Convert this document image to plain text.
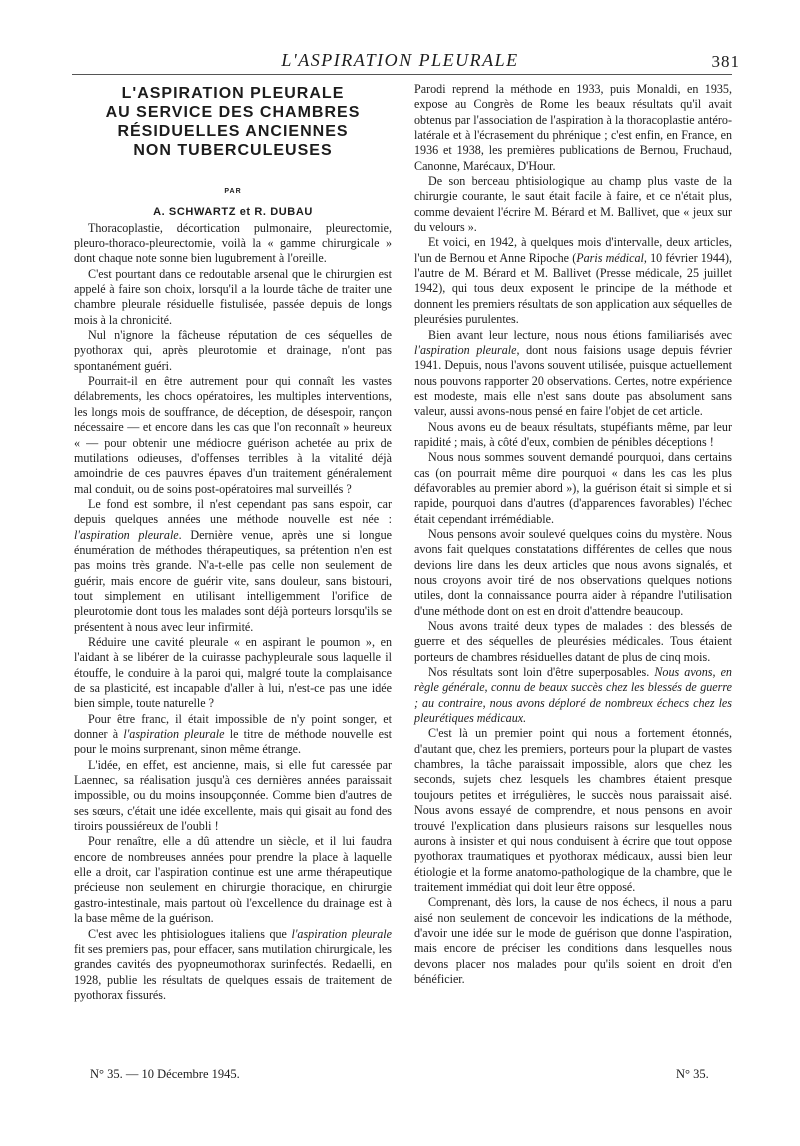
L'ASPIRATION PLEURALE	381
L'ASPIRATION PLEURALE
AU SERVICE DES CHAMBRES
RÉSIDUELLES ANCIENNES
NON TUBERCULEUSES
PAR
A. SCHWARTZ et R. DUBAU

Thoracoplastie, décortication pulmonaire, pleurectomie, pleuro-thoraco-pleurectomie, voilà la « gamme chirurgicale » dont chaque note sonne bien lugubrement à l'oreille.

C'est pourtant dans ce redoutable arsenal que le chirurgien est appelé à faire son choix, lorsqu'il a la lourde tâche de traiter une chambre pleurale résiduelle fistulisée, passée depuis de longs mois à la chronicité.

Nul n'ignore la fâcheuse réputation de ces séquelles de pyothorax qui, après pleurotomie et drainage, n'ont pas spontanément guéri.

Pourrait-il en être autrement pour qui connaît les vastes délabrements, les chocs opératoires, les multiples interventions, les longs mois de souffrance, de déception, de désespoir, rançon nécessaire — et encore dans les cas que l'on reconnaît » heureux « — pour obtenir une médiocre guérison achetée au prix de mutilations odieuses, d'offenses terribles à la vitalité déjà amoindrie de ces pauvres épaves d'un traitement généralement mal conduit, ou de soins post-opératoires mal surveillés ?

Le fond est sombre, il n'est cependant pas sans espoir, car depuis quelques années une méthode nouvelle est née : l'aspiration pleurale. Dernière venue, après une si longue énumération de méthodes thérapeutiques, sa prétention n'en est pas moins très grande. N'a-t-elle pas celle non seulement de guérir, mais encore de guérir vite, sans douleur, sans bistouri, tout simplement en utilisant intelligemment l'orifice de pleurotomie dont tous les malades sont déjà porteurs lorsqu'ils se présentent à nous avec leur infirmité.

Réduire une cavité pleurale « en aspirant le poumon », en l'aidant à se libérer de la cuirasse pachypleurale sous laquelle il étouffe, le conduire à la paroi qui, malgré toute la complaisance de sa plasticité, est incapable d'aller à lui, n'est-ce pas une idée bien simple, toute naturelle ?

Pour être franc, il était impossible de n'y point songer, et donner à l'aspiration pleurale le titre de méthode nouvelle est pour le moins surprenant, sinon même étrange.

L'idée, en effet, est ancienne, mais, si elle fut caressée par Laennec, sa réalisation jusqu'à ces dernières années paraissait impossible, ou du moins insoupçonnée. Comme bien d'autres de ses sœurs, c'était une idée excellente, mais qui gisait au fond des tiroirs poussiéreux de l'oubli !

Pour renaître, elle a dû attendre un siècle, et il lui faudra encore de nombreuses années pour prendre la place à laquelle elle a droit, car l'aspiration continue est une arme thérapeutique précieuse non seulement en chirurgie thoracique, en chirurgie gastro-intestinale, mais partout où l'excellence du drainage est à la base même de la guérison.

C'est avec les phtisiologues italiens que l'aspiration pleurale fit ses premiers pas, pour effacer, sans mutilation chirurgicale, les grandes cavités des pyopneumothorax surinfectés. Redaelli, en 1928, publie les résultats de quelques essais de traitement de pyothorax fissurés.

Parodi reprend la méthode en 1933, puis Monaldi, en 1935, expose au Congrès de Rome les beaux résultats qu'il avait obtenus par l'association de l'aspiration à la thoracoplastie antéro-latérale et à l'écrasement du phrénique ; c'est enfin, en France, en 1936 et 1938, les premières publications de Bernou, Fruchaud, Canonne, Marécaux, D'Hour.

De son berceau phtisiologique au champ plus vaste de la chirurgie courante, le saut était facile à faire, et ce n'était plus, comme devaient l'écrire M. Bérard et M. Ballivet, que « jeux sur du velours ».

Et voici, en 1942, à quelques mois d'intervalle, deux articles, l'un de Bernou et Anne Ripoche (Paris médical, 10 février 1944), l'autre de M. Bérard et M. Ballivet (Presse médicale, 25 juillet 1942), qui tous deux exposent le principe de la méthode et donnent les premiers résultats de son application aux séquelles de pleurésies purulentes.

Bien avant leur lecture, nous nous étions familiarisés avec l'aspiration pleurale, dont nous faisions usage depuis février 1941. Depuis, nous l'avons souvent utilisée, puisque actuellement nous pouvons rapporter 20 observations. Certes, notre expérience est modeste, mais elle n'est sans doute pas absolument sans valeur, aussi avons-nous pensé en faire l'objet de cet article.

Nous avons eu de beaux résultats, stupéfiants même, par leur rapidité ; mais, à côté d'eux, combien de pénibles déceptions !

Nous nous sommes souvent demandé pourquoi, dans certains cas (on pourrait même dire pourquoi « dans les cas les plus défavorables au premier abord »), la guérison était si simple et si rapide, pourquoi dans d'autres (d'apparences favorables) l'échec était cependant irrémédiable.

Nous pensons avoir soulevé quelques coins du mystère. Nous avons fait quelques constatations différentes de celles que nous devions lire dans les deux articles que nous avons signalés, et nous croyons avoir tiré de nos observations quelques notions utiles, dont la connaissance pourra aider à répandre l'utilisation d'une méthode dont on est en droit d'attendre beaucoup.

Nous avons traité deux types de malades : des blessés de guerre et des séquelles de pleurésies médicales. Tous étaient porteurs de chambres résiduelles datant de plus de cinq mois.

Nos résultats sont loin d'être superposables. Nous avons, en règle générale, connu de beaux succès chez les blessés de guerre ; au contraire, nous avons déploré de nombreux échecs chez les pleurétiques médicaux.

C'est là un premier point qui nous a fortement étonnés, d'autant que, chez les premiers, porteurs pour la plupart de vastes chambres, la tâche paraissait impossible, alors que chez les seconds, sujets chez lesquels les chambres étaient presque toujours petites et irrégulières, le succès nous paraissait aisé. Nous avons essayé de comprendre, et nous pensons en avoir trouvé l'explication dans plusieurs raisons sur lesquelles nous aurons à insister et qui nous conduisent à écrire que tout oppose pyothorax traumatiques et pyothorax médicaux, aussi bien leur étiologie et la forme anatomo-pathologique de la chambre, que le traitement immédiat qui doit leur être opposé.

Comprenant, dès lors, la cause de nos échecs, il nous a paru aisé non seulement de concevoir les indications de la méthode, d'avoir une idée sur le mode de guérison que donne l'aspiration, mais encore de préciser les conditions dans lesquelles nous devons placer nos malades pour qu'ils soient en droit d'en bénéficier.

N° 35. — 10 Décembre 1945.	N° 35.
